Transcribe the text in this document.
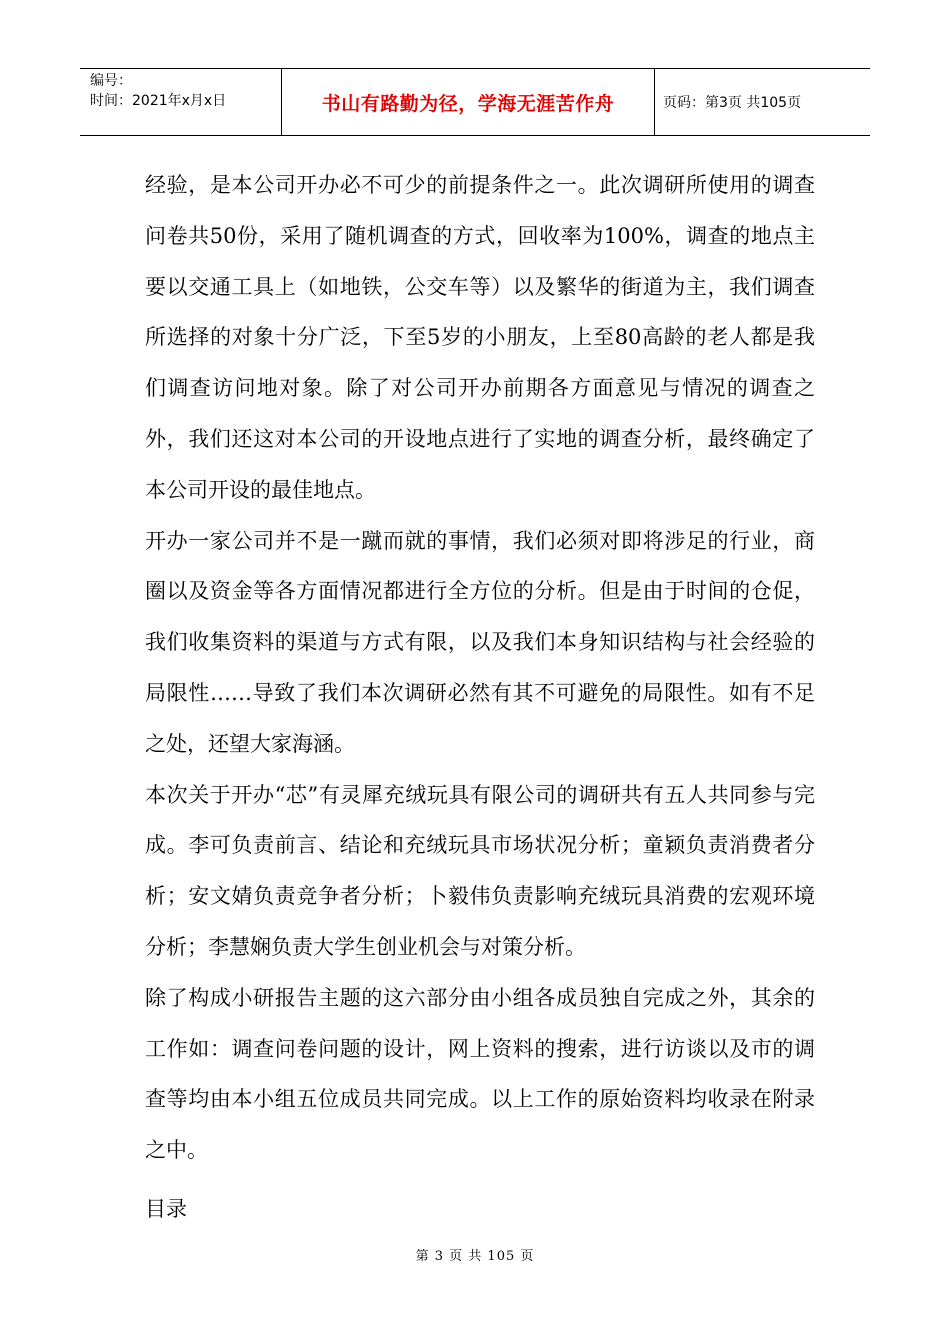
编号：
时间：2021年x月x日	书山有路勤为径，学海无涯苦作舟	页码：第3页 共105页

经验，是本公司开办必不可少的前提条件之一。此次调研所使用的调查问卷共50份，采用了随机调查的方式，回收率为100%，调查的地点主要以交通工具上（如地铁，公交车等）以及繁华的街道为主，我们调查所选择的对象十分广泛，下至5岁的小朋友，上至80高龄的老人都是我们调查访问地对象。除了对公司开办前期各方面意见与情况的调查之外，我们还这对本公司的开设地点进行了实地的调查分析，最终确定了本公司开设的最佳地点。

开办一家公司并不是一蹴而就的事情，我们必须对即将涉足的行业，商圈以及资金等各方面情况都进行全方位的分析。但是由于时间的仓促，我们收集资料的渠道与方式有限，以及我们本身知识结构与社会经验的局限性……导致了我们本次调研必然有其不可避免的局限性。如有不足之处，还望大家海涵。

本次关于开办“芯”有灵犀充绒玩具有限公司的调研共有五人共同参与完成。李可负责前言、结论和充绒玩具市场状况分析；童颖负责消费者分析；安文婧负责竞争者分析；卜毅伟负责影响充绒玩具消费的宏观环境分析；李慧娴负责大学生创业机会与对策分析。

除了构成小研报告主题的这六部分由小组各成员独自完成之外，其余的工作如：调查问卷问题的设计，网上资料的搜索，进行访谈以及市的调查等均由本小组五位成员共同完成。以上工作的原始资料均收录在附录之中。

目录

第 3 页 共 105 页
